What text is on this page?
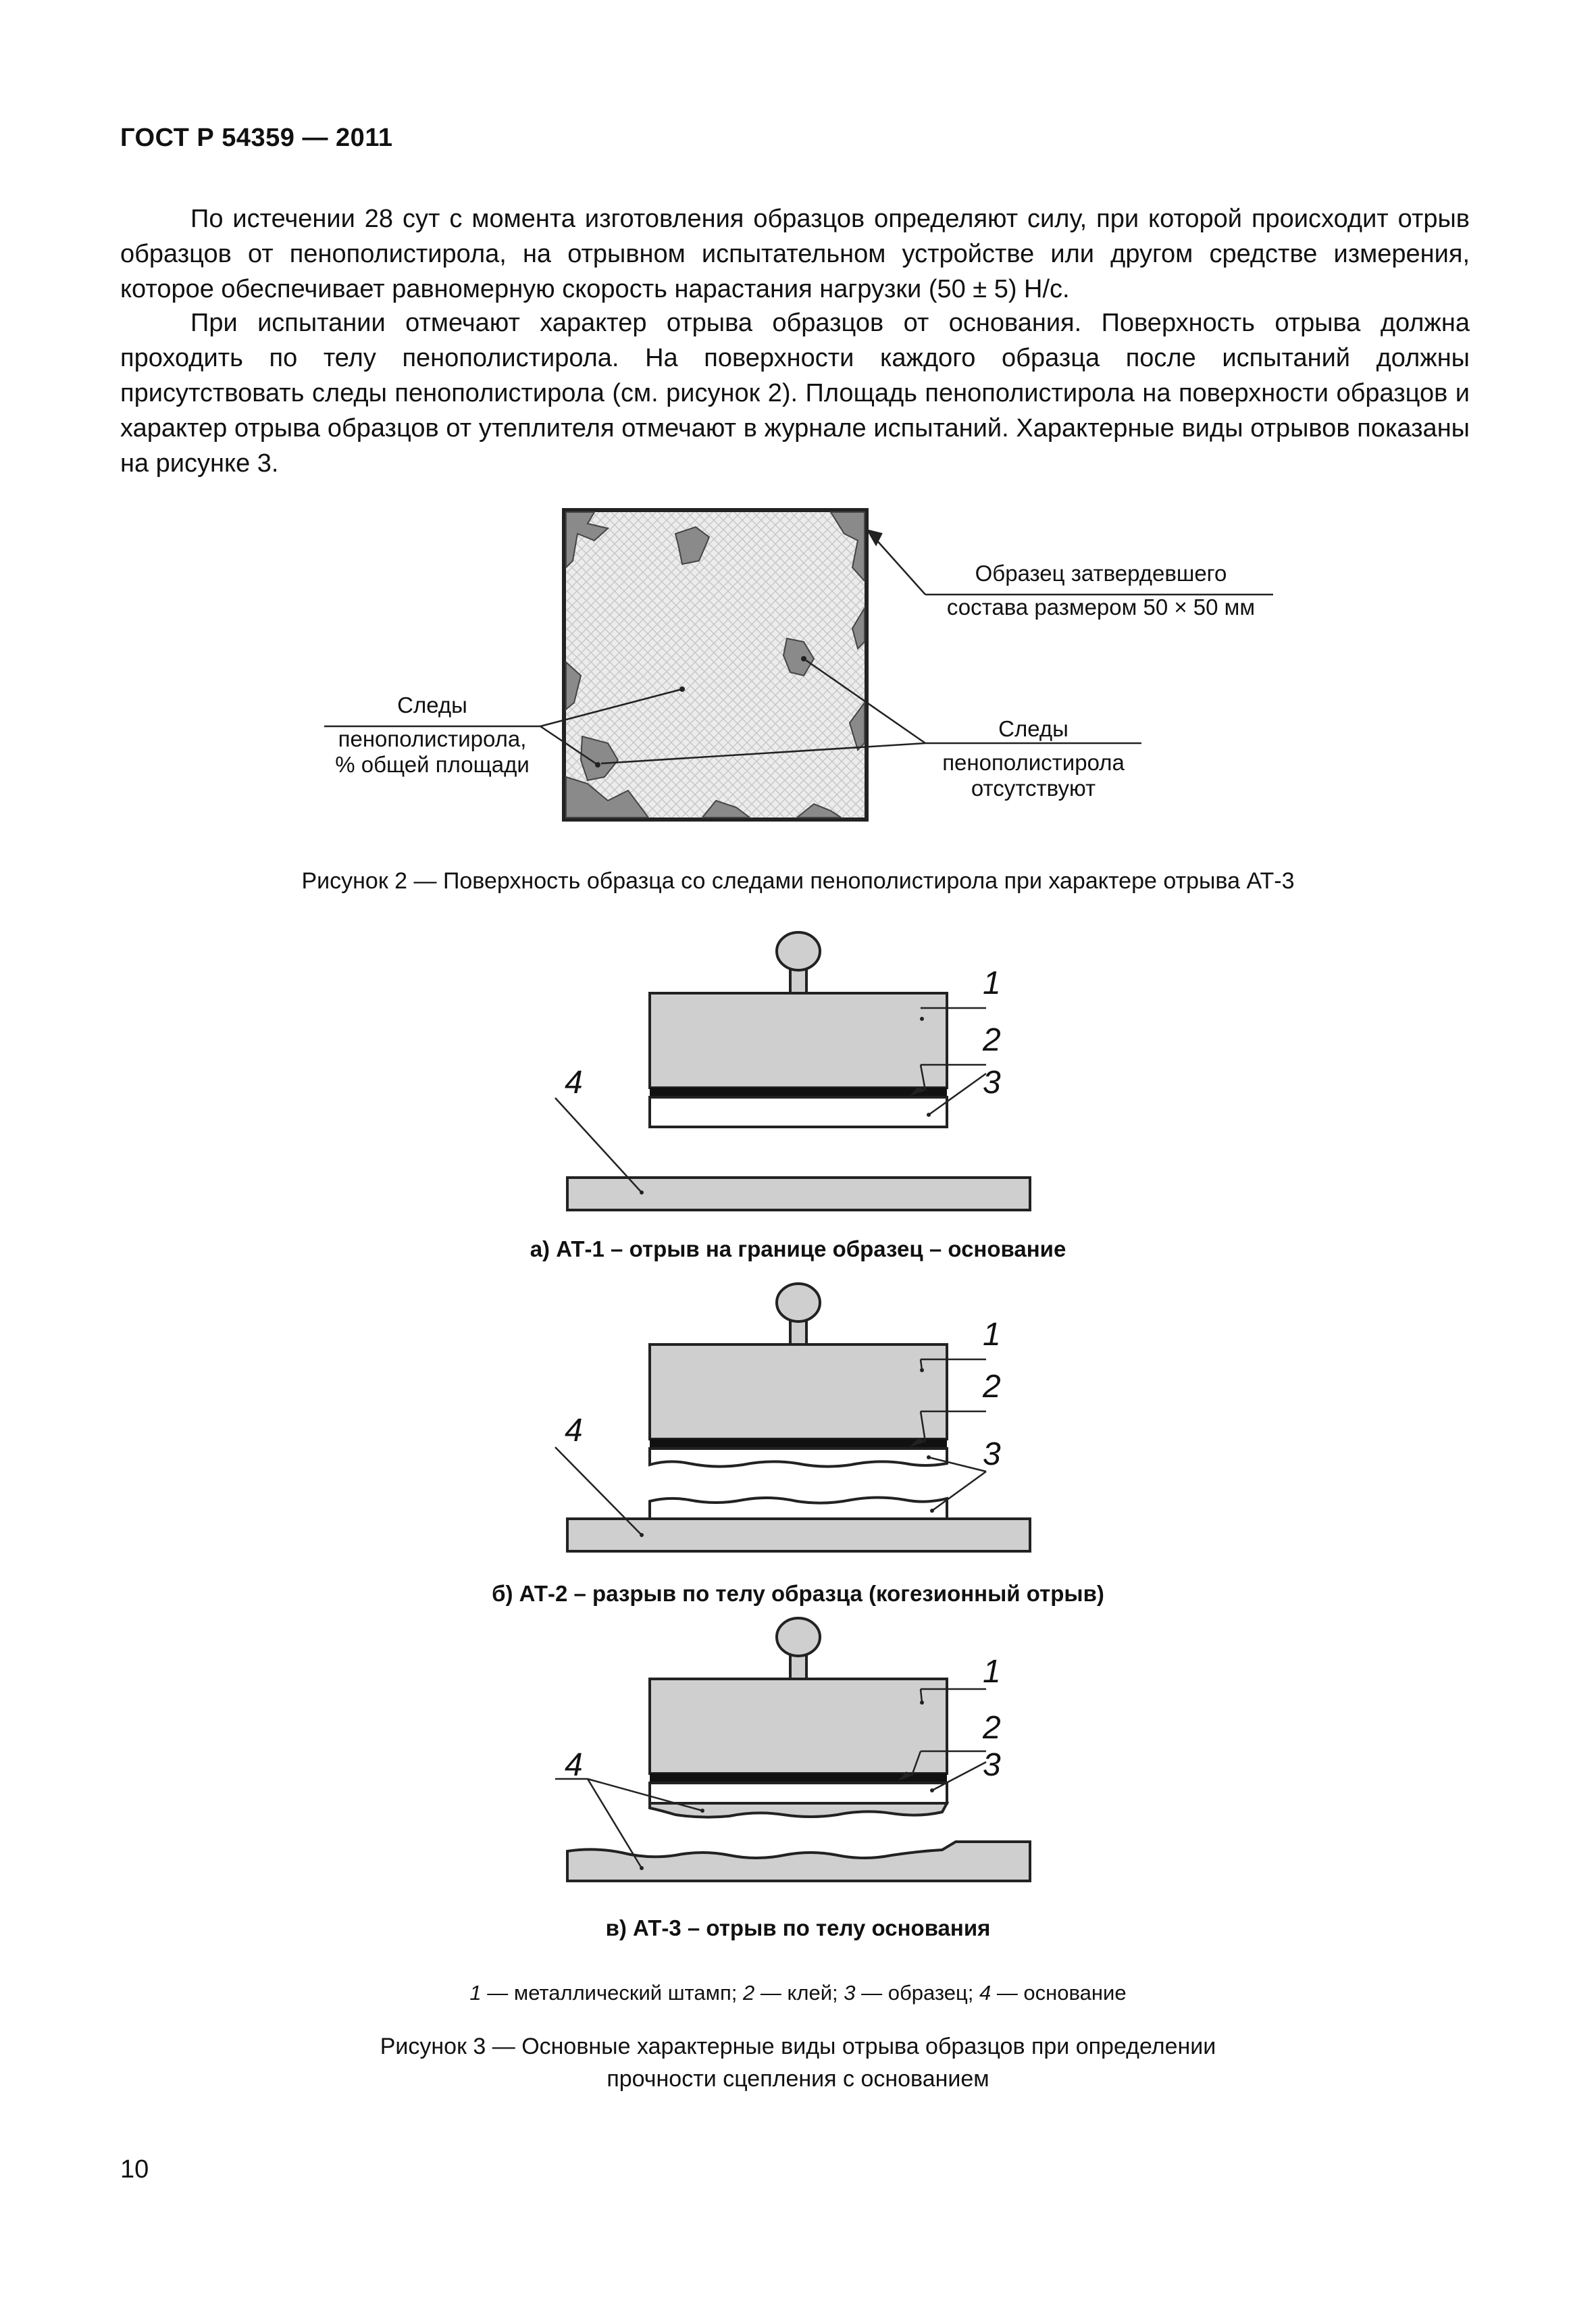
ГОСТ Р 54359 — 2011
По истечении 28 сут с момента изготовления образцов определяют силу, при которой происходит отрыв образцов от пенополистирола, на отрывном испытательном устройстве или другом средстве измерения, которое обеспечивает равномерную скорость нарастания нагрузки (50 ± 5) Н/с.
При испытании отмечают характер отрыва образцов от основания. Поверхность отрыва должна проходить по телу пенополистирола. На поверхности каждого образца после испытаний должны присутствовать следы пенополистирола (см. рисунок 2). Площадь пенополистирола на поверхности образцов и характер отрыва образцов от утеплителя отмечают в журнале испытаний. Характерные виды отрывов показаны на рисунке 3.
Образец затвердевшего
состава размером 50 × 50 мм
Следы
пенополистирола,
% общей площади
Следы
пенополистирола
отсутствуют
Рисунок 2 — Поверхность образца со следами пенополистирола при характере отрыва АТ-3
1
2
3
4
1
2
3
4
1
2
3
4
а) АТ-1 – отрыв на границе образец – основание
б) АТ-2 – разрыв по телу образца (когезионный отрыв)
в) АТ-3 – отрыв по телу основания
1 — металлический штамп; 2 — клей; 3 — образец; 4 — основание
Рисунок 3 — Основные характерные виды отрыва образцов при определении
прочности сцепления с основанием
10
